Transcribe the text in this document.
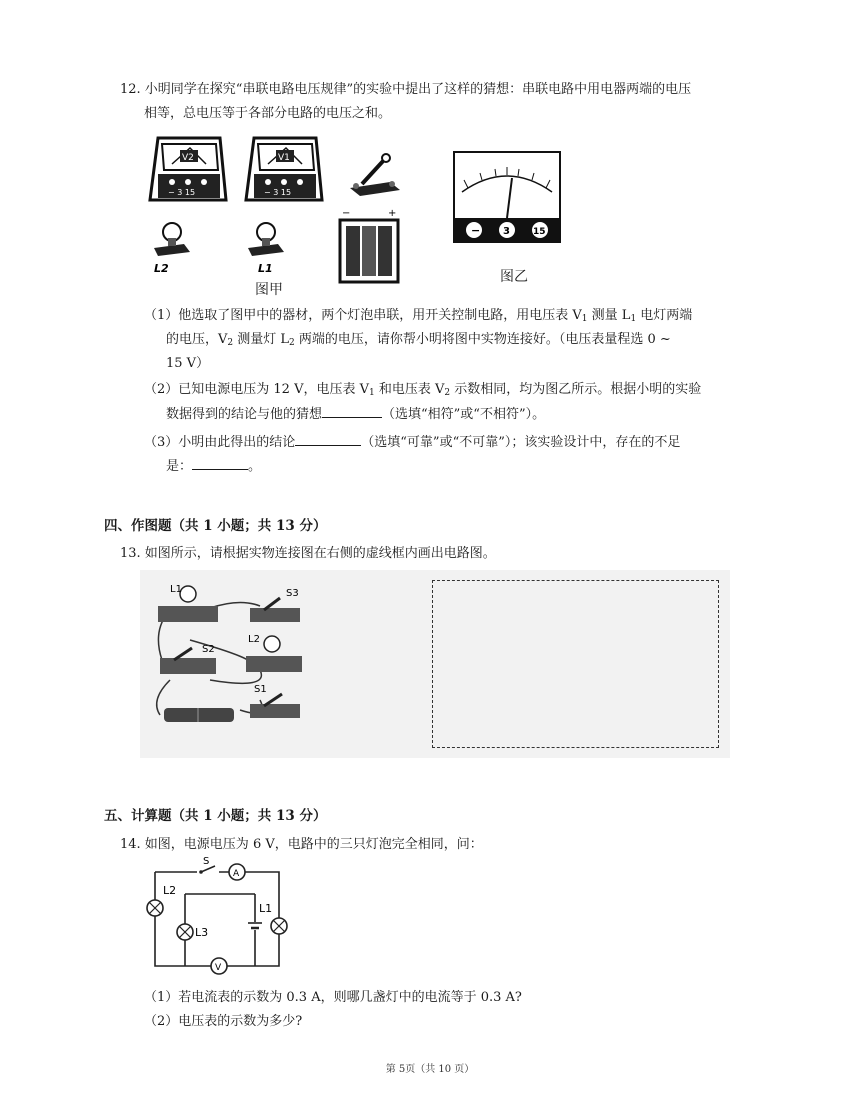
12. 小明同学在探究“串联电路电压规律”的实验中提出了这样的猜想：串联电路中用电器两端的电压
相等，总电压等于各部分电路的电压之和。
V2
− 3 15
V1
− 3 15
L2	L1
−	+
图甲
− 3	15
图乙
（1）他选取了图甲中的器材，两个灯泡串联，用开关控制电路，用电压表 $V_1$ 测量 $L_1$ 电灯两端
的电压，$V_2$ 测量灯 $L_2$ 两端的电压，请你帮小明将图中实物连接好。（电压表量程选 0 ~
15 V）
（2）已知电源电压为 12 V，电压表 $V_1$ 和电压表 $V_2$ 示数相同，均为图乙所示。根据小明的实验
数据得到的结论与他的猜想	（选填“相符”或“不相符”）。
（3）小明由此得出的结论	（选填“可靠”或“不可靠”）；该实验设计中，存在的不足
是：	。
四、作图题（共 1 小题；共 13 分）
13. 如图所示，请根据实物连接图在右侧的虚线框内画出电路图。
L1	S3
S2
L2
S1
五、计算题（共 1 小题；共 13 分）
14. 如图，电源电压为 6 V，电路中的三只灯泡完全相同，问：
S
A
L2
L3
L1
V
（1）若电流表的示数为 0.3 A，则哪几盏灯中的电流等于 0.3 A?
（2）电压表的示数为多少?
第 5页（共 10 页）
